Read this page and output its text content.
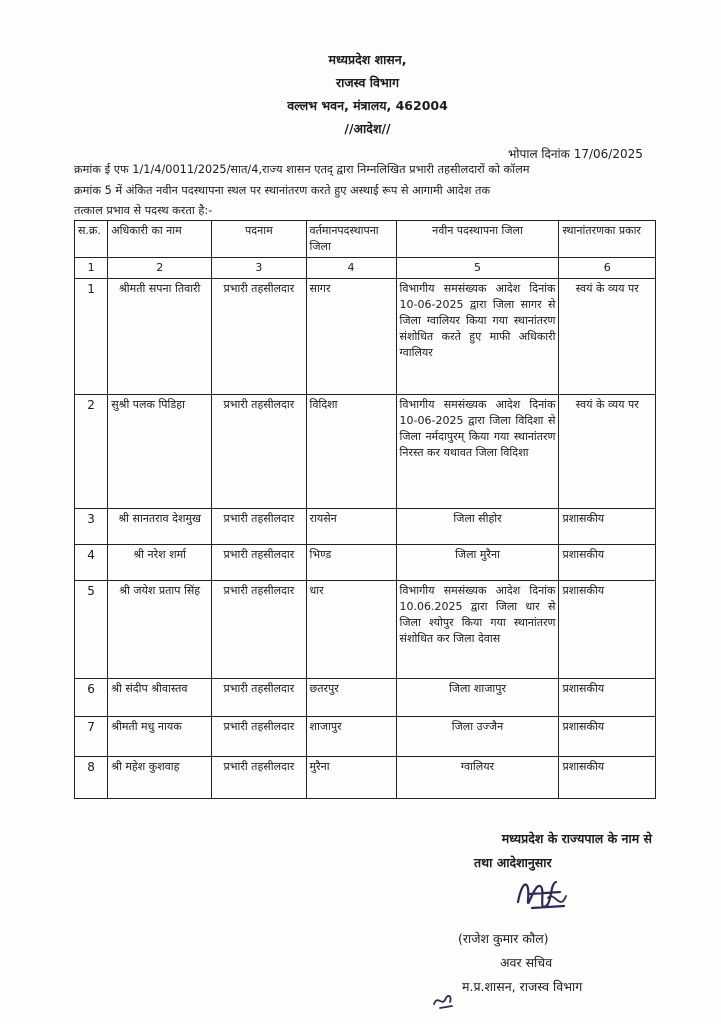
मध्यप्रदेश शासन,
राजस्व विभाग
वल्लभ भवन, मंत्रालय, 462004
//आदेश//
भोपाल दिनांक 17/06/2025
क्रमांक ई एफ 1/1/4/0011/2025/सात/4,राज्य शासन एतद् द्वारा निम्नलिखित प्रभारी तहसीलदारों को कॉलम
क्रमांक 5 में अंकित नवीन पदस्थापना स्थल पर स्थानांतरण करते हुए अस्थाई रूप से आगामी आदेश तक
तत्काल प्रभाव से पदस्थ करता है:-
स.क्र.	अधिकारी का नाम	पदनाम	वर्तमानपदस्थापना जिला	नवीन पदस्थापना जिला	स्थानांतरणका प्रकार
1	2	3	4	5	6
1	श्रीमती सपना तिवारी	प्रभारी तहसीलदार	सागर	विभागीय समसंख्यक आदेश दिनांक 10-06-2025 द्वारा जिला सागर से जिला ग्वालियर किया गया स्थानांतरण संशोधित करते हुए माफी अधिकारी ग्वालियर	स्वयं के व्यय पर
2	सुश्री पलक पिडिहा	प्रभारी तहसीलदार	विदिशा	विभागीय समसंख्यक आदेश दिनांक 10-06-2025 द्वारा जिला विदिशा से जिला नर्मदापुरम् किया गया स्थानांतरण निरस्त कर यथावत जिला विदिशा	स्वयं के व्यय पर
3	श्री सानतराव देशमुख	प्रभारी तहसीलदार	रायसेन	जिला सीहोर	प्रशासकीय
4	श्री नरेश शर्मा	प्रभारी तहसीलदार	भिण्ड	जिला मुरैना	प्रशासकीय
5	श्री जयेश प्रताप सिंह	प्रभारी तहसीलदार	धार	विभागीय समसंख्यक आदेश दिनांक 10.06.2025 द्वारा जिला धार से जिला श्योपुर किया गया स्थानांतरण संशोधित कर जिला देवास	प्रशासकीय
6	श्री संदीप श्रीवास्तव	प्रभारी तहसीलदार	छतरपुर	जिला शाजापुर	प्रशासकीय
7	श्रीमती मधु नायक	प्रभारी तहसीलदार	शाजापुर	जिला उज्जैन	प्रशासकीय
8	श्री महेश कुशवाह	प्रभारी तहसीलदार	मुरैना	ग्वालियर	प्रशासकीय
मध्यप्रदेश के राज्यपाल के नाम से
तथा आदेशानुसार
(राजेश कुमार कौल)
अवर सचिव
म.प्र.शासन, राजस्व विभाग
